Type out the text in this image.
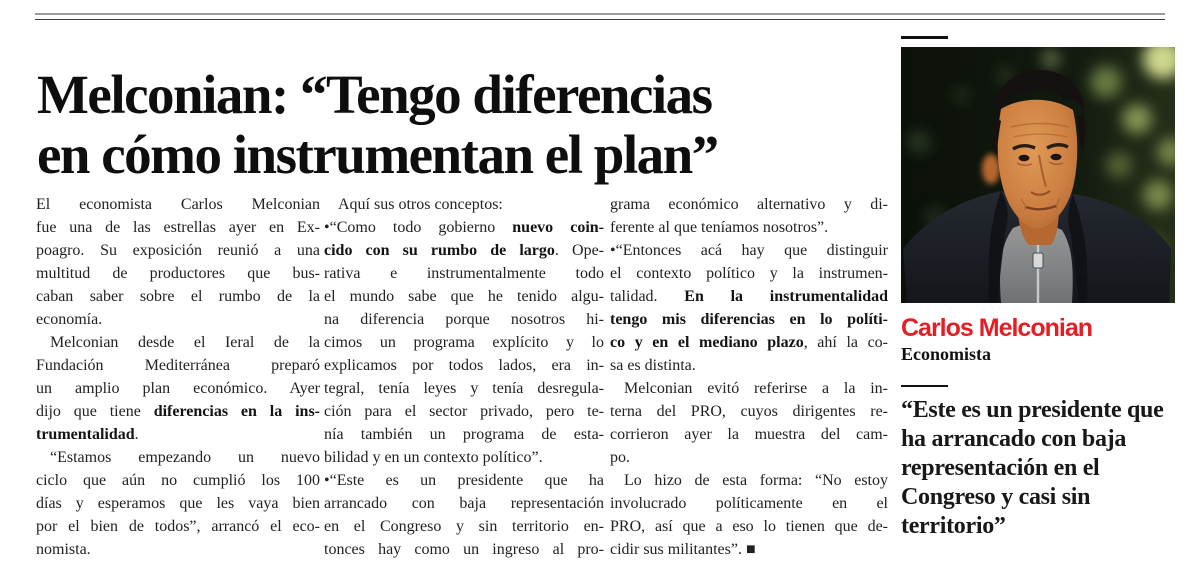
Melconian: “Tengo diferencias
en cómo instrumentan el plan”

El economista Carlos Melconian
fue una de las estrellas ayer en Ex-
poagro. Su exposición reunió a una
multitud de productores que bus-
caban saber sobre el rumbo de la
economía.

Melconian desde el Ieral de la
Fundación Mediterránea preparó
un amplio plan económico. Ayer
dijo que tiene diferencias en la ins-
trumentalidad.

“Estamos empezando un nuevo
ciclo que aún no cumplió los 100
días y esperamos que les vaya bien
por el bien de todos”, arrancó el eco-
nomista.

Aquí sus otros conceptos:

•“Como todo gobierno nuevo coin-
cido con su rumbo de largo. Ope-
rativa e instrumentalmente todo
el mundo sabe que he tenido algu-
na diferencia porque nosotros hi-
cimos un programa explícito y lo
explicamos por todos lados, era in-
tegral, tenía leyes y tenía desregula-
ción para el sector privado, pero te-
nía también un programa de esta-
bilidad y en un contexto político”.

•“Este es un presidente que ha
arrancado con baja representación
en el Congreso y sin territorio en-
tonces hay como un ingreso al pro-

grama económico alternativo y di-
ferente al que teníamos nosotros”.

•“Entonces acá hay que distinguir
el contexto político y la instrumen-
talidad. En la instrumentalidad
tengo mis diferencias en lo políti-
co y en el mediano plazo, ahí la co-
sa es distinta.

Melconian evitó referirse a la in-
terna del PRO, cuyos dirigentes re-
corrieron ayer la muestra del cam-
po.

Lo hizo de esta forma: “No estoy
involucrado políticamente en el
PRO, así que a eso lo tienen que de-
cidir sus militantes”. ■

Carlos Melconian
Economista
“Este es un presidente que ha arrancado con baja representación en el Congreso y casi sin territorio”
